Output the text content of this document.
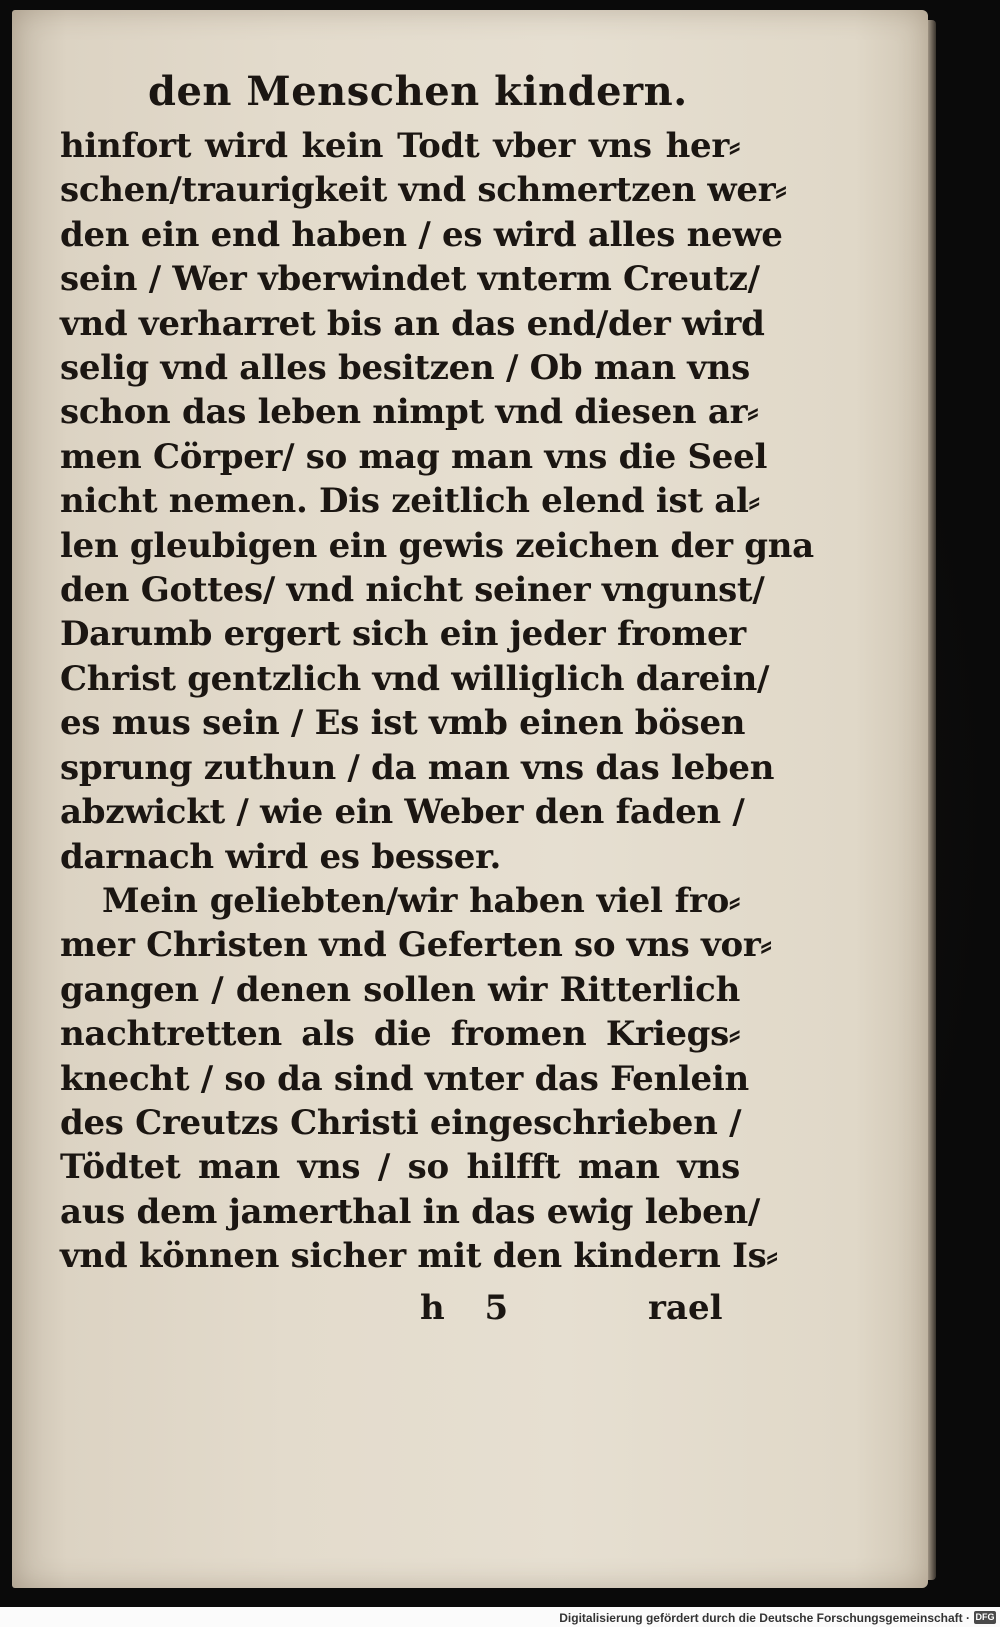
den Menschen kindern.
hinfort wird kein Todt vber vns her⸗
schen/traurigkeit vnd schmertzen wer⸗
den ein end haben / es wird alles newe
sein / Wer vberwindet vnterm Creutz/
vnd verharret bis an das end/der wird
selig vnd alles besitzen / Ob man vns
schon das leben nimpt vnd diesen ar⸗
men Cörper/ so mag man vns die Seel
nicht nemen. Dis zeitlich elend ist al⸗
len gleubigen ein gewis zeichen der gna
den Gottes/ vnd nicht seiner vngunst/
Darumb ergert sich ein jeder fromer
Christ gentzlich vnd williglich darein/
es mus sein / Es ist vmb einen bösen
sprung zuthun / da man vns das leben
abzwickt / wie ein Weber den faden /
darnach wird es besser.
Mein geliebten/wir haben viel fro⸗
mer Christen vnd Geferten so vns vor⸗
gangen / denen sollen wir Ritterlich
nachtretten als die fromen Kriegs⸗
knecht / so da sind vnter das Fenlein
des Creutzs Christi eingeschrieben /
Tödtet man vns / so hilfft man vns
aus dem jamerthal in das ewig leben/
vnd können sicher mit den kindern Is⸗
h 5	rael
Digitalisierung gefördert durch die Deutsche Forschungsgemeinschaft · DFG
